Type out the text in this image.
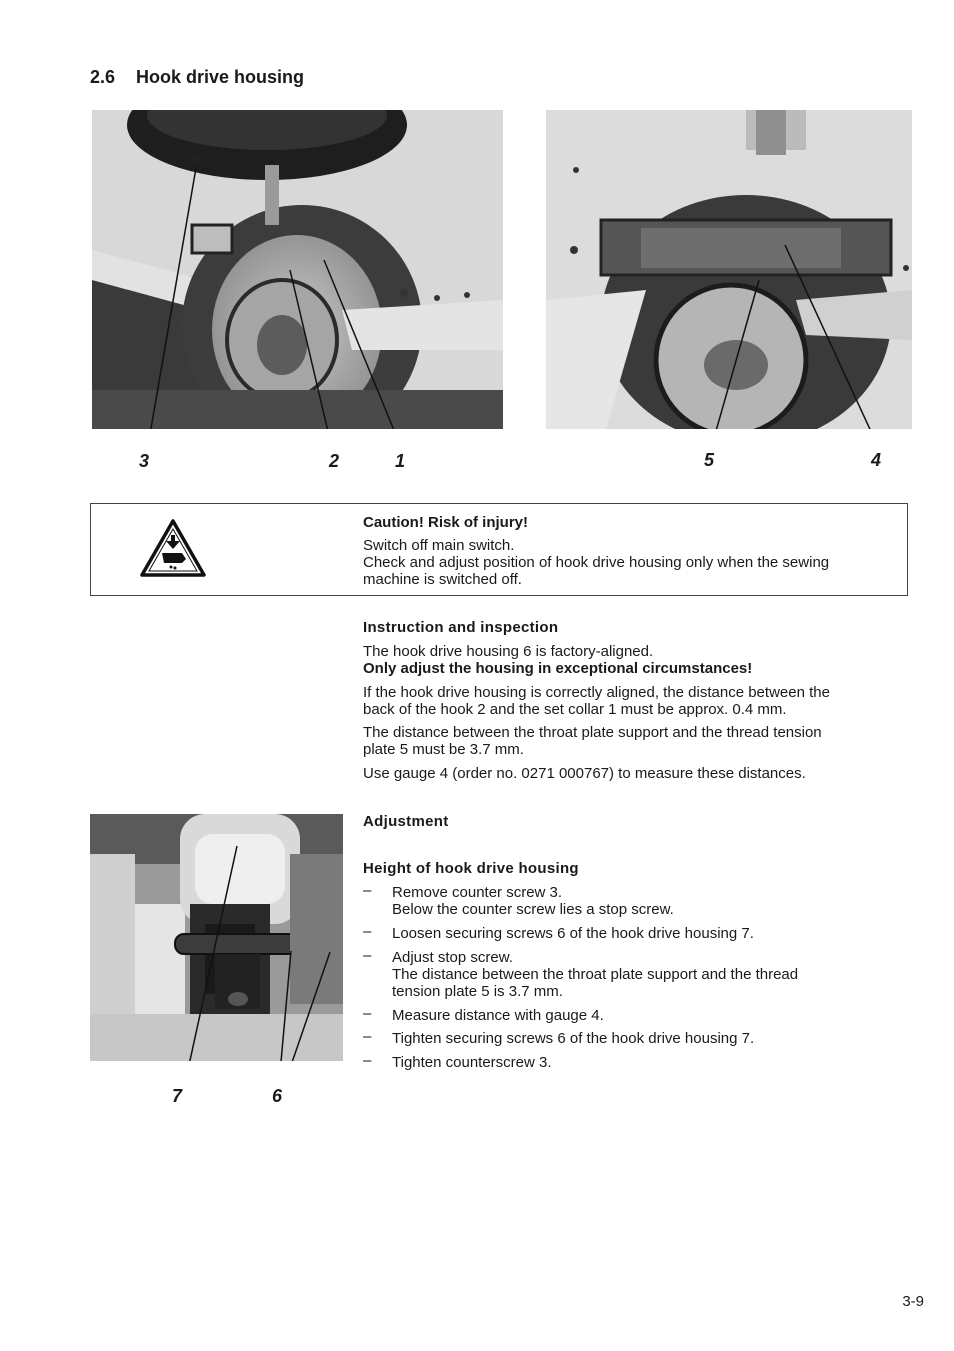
2.6 Hook drive housing
3	2	1	5	4
Caution! Risk of injury!
Switch off main switch.
Check and adjust position of hook drive housing only when the sewing
machine is switched off.
Instruction and inspection
The hook drive housing 6 is factory-aligned.
Only adjust the housing in exceptional circumstances!
If the hook drive housing is correctly aligned, the distance between the
back of the hook 2 and the set collar 1 must be approx. 0.4 mm.
The distance between the throat plate support and the thread tension
plate 5 must be 3.7 mm.
Use gauge 4 (order no. 0271 000767) to measure these distances.
7	6
Adjustment
Height of hook drive housing
– Remove counter screw 3.
Below the counter screw lies a stop screw.
– Loosen securing screws 6 of the hook drive housing 7.
– Adjust stop screw.
The distance between the throat plate support and the thread
tension plate 5 is 3.7 mm.
– Measure distance with gauge 4.
– Tighten securing screws 6 of the hook drive housing 7.
– Tighten counterscrew 3.
3-9
